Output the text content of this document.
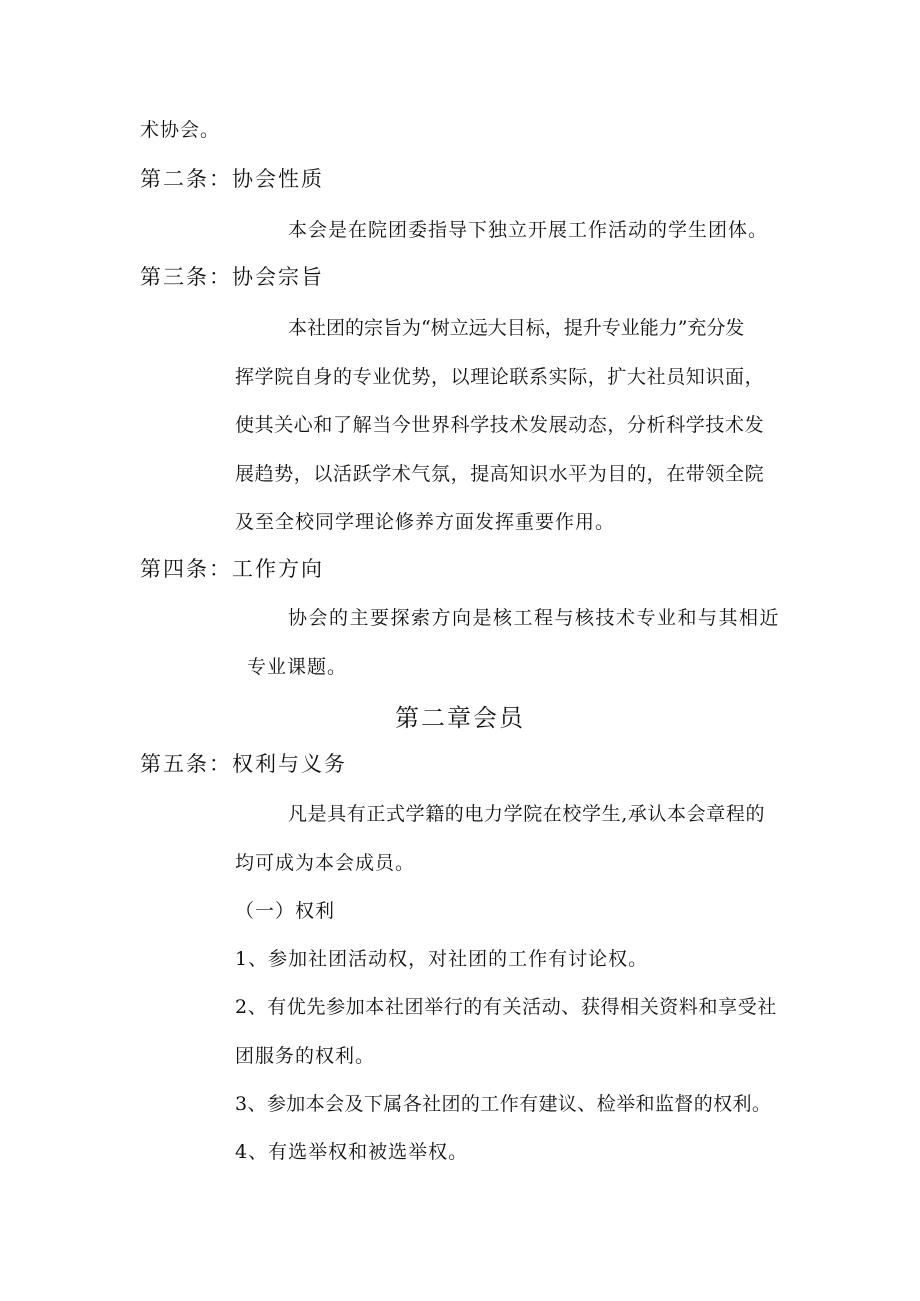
术协会。
第二条：协会性质
本会是在院团委指导下独立开展工作活动的学生团体。
第三条：协会宗旨
本社团的宗旨为“树立远大目标，提升专业能力”充分发
挥学院自身的专业优势，以理论联系实际，扩大社员知识面，
使其关心和了解当今世界科学技术发展动态，分析科学技术发
展趋势，以活跃学术气氛，提高知识水平为目的，在带领全院
及至全校同学理论修养方面发挥重要作用。
第四条：工作方向
协会的主要探索方向是核工程与核技术专业和与其相近
专业课题。
第二章会员
第五条：权利与义务
凡是具有正式学籍的电力学院在校学生,承认本会章程的
均可成为本会成员。
（一）权利
1、参加社团活动权，对社团的工作有讨论权。
2、有优先参加本社团举行的有关活动、获得相关资料和享受社
团服务的权利。
3、参加本会及下属各社团的工作有建议、检举和监督的权利。
4、有选举权和被选举权。
